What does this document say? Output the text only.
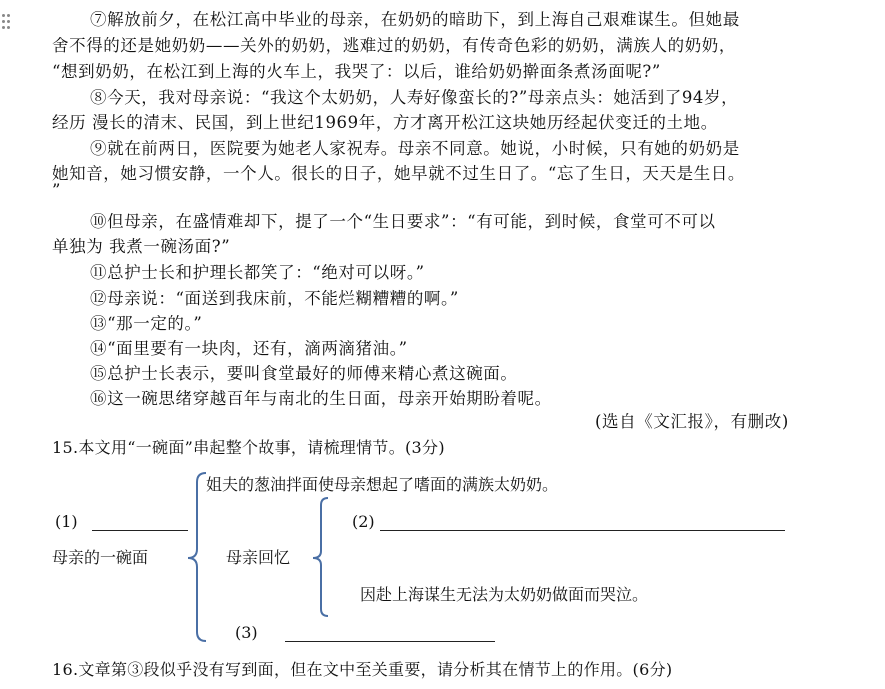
⑦解放前夕，在松江高中毕业的母亲，在奶奶的暗助下，到上海自己艰难谋生。但她最
舍不得的还是她奶奶——关外的奶奶，逃难过的奶奶，有传奇色彩的奶奶，满族人的奶奶，
“想到奶奶，在松江到上海的火车上，我哭了：以后，谁给奶奶擀面条煮汤面呢?”
⑧今天，我对母亲说：“我这个太奶奶，人寿好像蛮长的?”母亲点头：她活到了94岁，
经历 漫长的清末、民国，到上世纪1969年，方才离开松江这块她历经起伏变迁的土地。
⑨就在前两日，医院要为她老人家祝寿。母亲不同意。她说，小时候，只有她的奶奶是
她知音，她习惯安静，一个人。很长的日子，她早就不过生日了。“忘了生日，天天是生日。
”
⑩但母亲，在盛情难却下，提了一个“生日要求”：“有可能，到时候，食堂可不可以
单独为 我煮一碗汤面?”
⑪总护士长和护理长都笑了：“绝对可以呀。”
⑫母亲说：“面送到我床前，不能烂糊糟糟的啊。”
⑬“那一定的。”
⑭“面里要有一块肉，还有，滴两滴猪油。”
⑮总护士长表示，要叫食堂最好的师傅来精心煮这碗面。
⑯这一碗思绪穿越百年与南北的生日面，母亲开始期盼着呢。
(选自《文汇报》，有删改)
15.本文用“一碗面”串起整个故事，请梳理情节。(3分)
姐夫的葱油拌面使母亲想起了嗜面的满族太奶奶。
(1)	(2)
母亲的一碗面	母亲回忆
因赴上海谋生无法为太奶奶做面而哭泣。
(3)
16.文章第③段似乎没有写到面，但在文中至关重要，请分析其在情节上的作用。(6分)
